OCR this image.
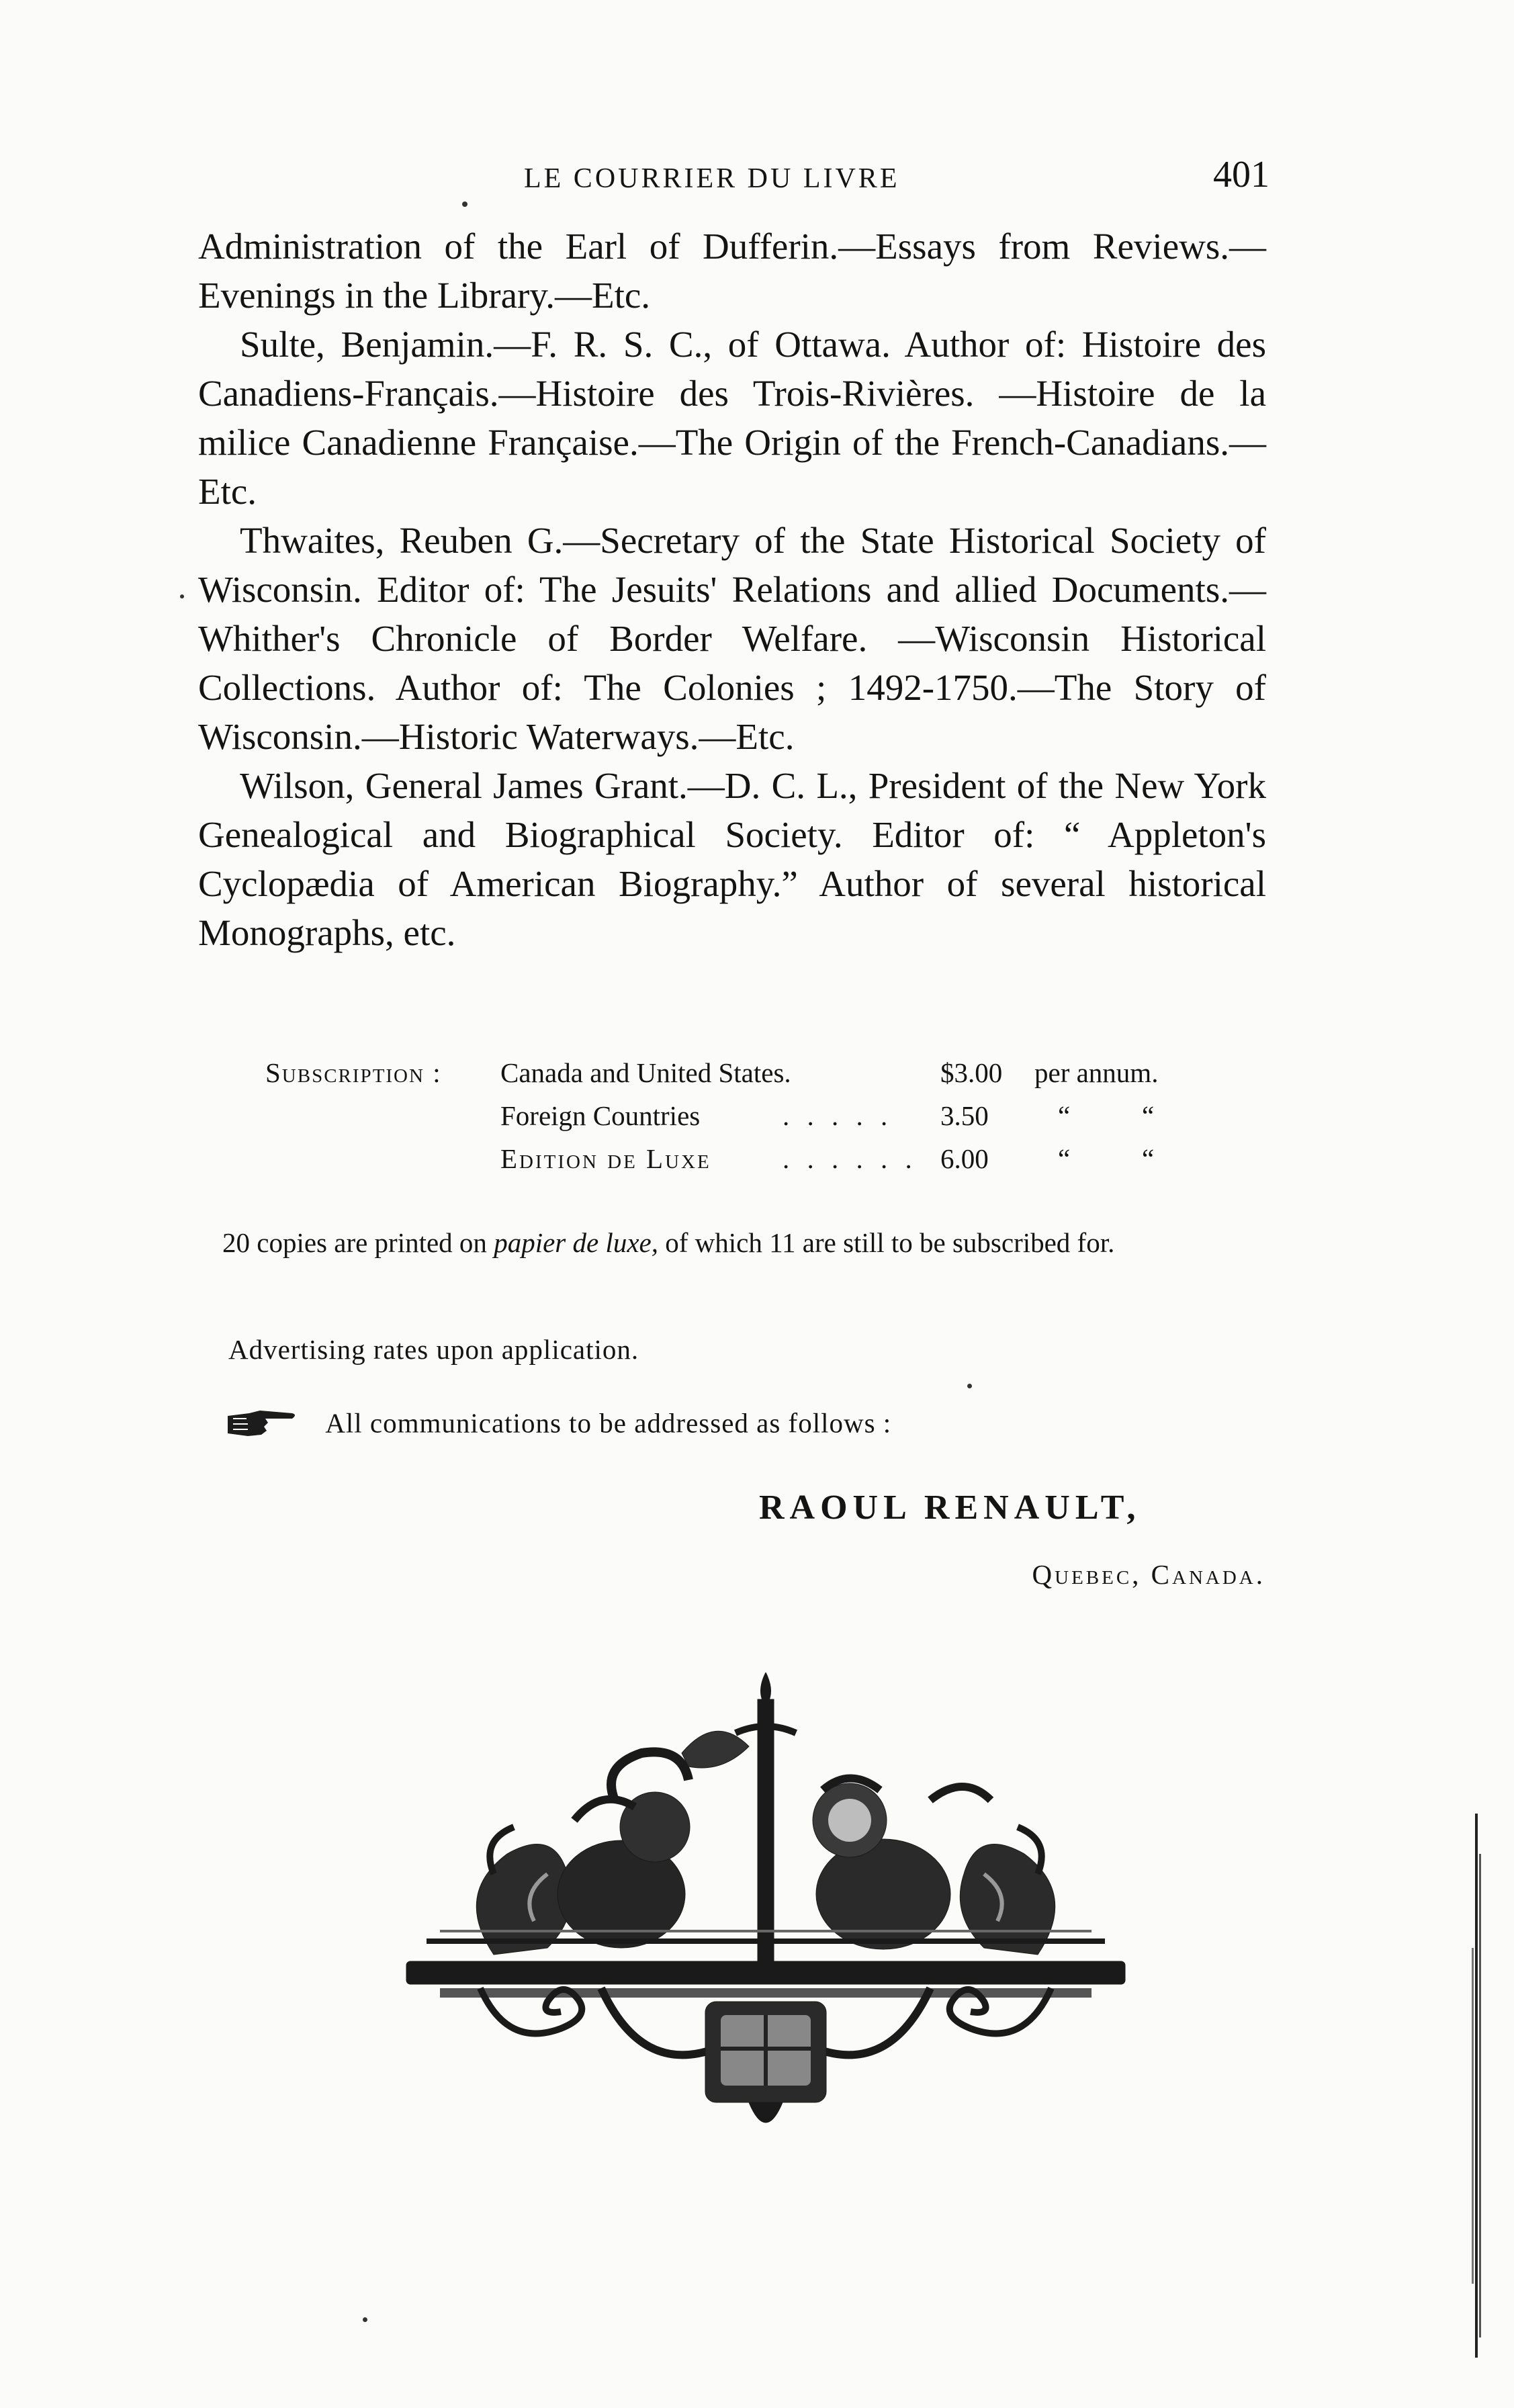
LE COURRIER DU LIVRE	401

Administration of the Earl of Dufferin.—Essays from Reviews.—Evenings in the Library.—Etc.

Sulte, Benjamin.—F. R. S. C., of Ottawa. Author of: Histoire des Canadiens-Français.—Histoire des Trois-Rivières. —Histoire de la milice Canadienne Française.—The Origin of the French-Canadians.—Etc.

Thwaites, Reuben G.—Secretary of the State Historical Society of Wisconsin. Editor of: The Jesuits' Relations and allied Documents.—Whither's Chronicle of Border Welfare. —Wisconsin Historical Collections. Author of: The Colonies ; 1492-1750.—The Story of Wisconsin.—Historic Waterways.—Etc.

Wilson, General James Grant.—D. C. L., President of the New York Genealogical and Biographical Society. Editor of: “ Appleton's Cyclopædia of American Biography.” Author of several historical Monographs, etc.

Subscription : Canada and United States.	$3.00 per annum.
Foreign Countries	. . . . . 3.50	“	“
Edition de Luxe	. . . . . . 6.00	“	“
20 copies are printed on papier de luxe, of which 11 are still to be subscribed for.
Advertising rates upon application.
All communications to be addressed as follows :
RAOUL RENAULT,
Quebec, Canada.
